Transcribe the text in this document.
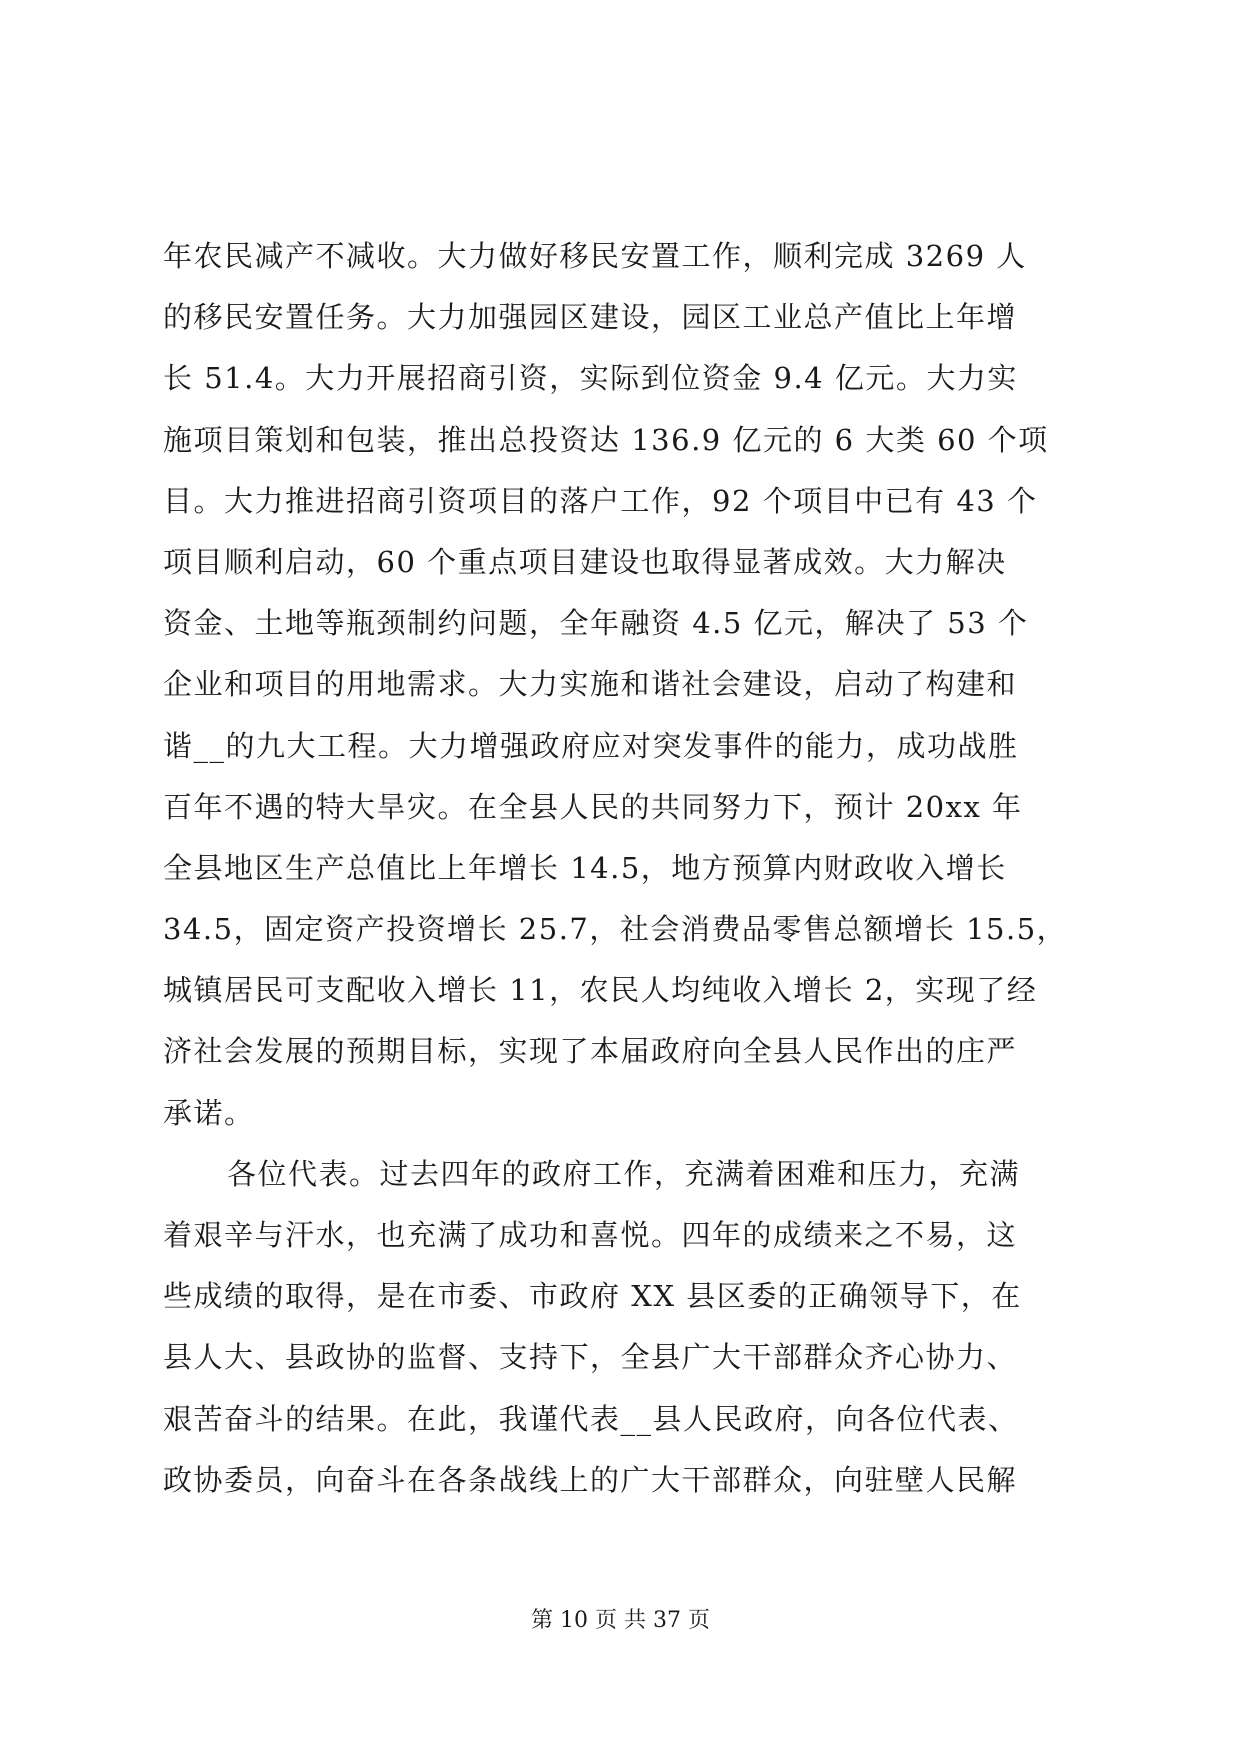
年农民减产不减收。大力做好移民安置工作，顺利完成 3269 人
的移民安置任务。大力加强园区建设，园区工业总产值比上年增
长 51.4。大力开展招商引资，实际到位资金 9.4 亿元。大力实
施项目策划和包装，推出总投资达 136.9 亿元的 6 大类 60 个项
目。大力推进招商引资项目的落户工作，92 个项目中已有 43 个
项目顺利启动，60 个重点项目建设也取得显著成效。大力解决
资金、土地等瓶颈制约问题，全年融资 4.5 亿元，解决了 53 个
企业和项目的用地需求。大力实施和谐社会建设，启动了构建和
谐__的九大工程。大力增强政府应对突发事件的能力，成功战胜
百年不遇的特大旱灾。在全县人民的共同努力下，预计 20xx 年
全县地区生产总值比上年增长 14.5，地方预算内财政收入增长
34.5，固定资产投资增长 25.7，社会消费品零售总额增长 15.5，
城镇居民可支配收入增长 11，农民人均纯收入增长 2，实现了经
济社会发展的预期目标，实现了本届政府向全县人民作出的庄严
承诺。
各位代表。过去四年的政府工作，充满着困难和压力，充满
着艰辛与汗水，也充满了成功和喜悦。四年的成绩来之不易，这
些成绩的取得，是在市委、市政府 XX 县区委的正确领导下，在
县人大、县政协的监督、支持下，全县广大干部群众齐心协力、
艰苦奋斗的结果。在此，我谨代表__县人民政府，向各位代表、
政协委员，向奋斗在各条战线上的广大干部群众，向驻壁人民解
第 10 页 共 37 页
